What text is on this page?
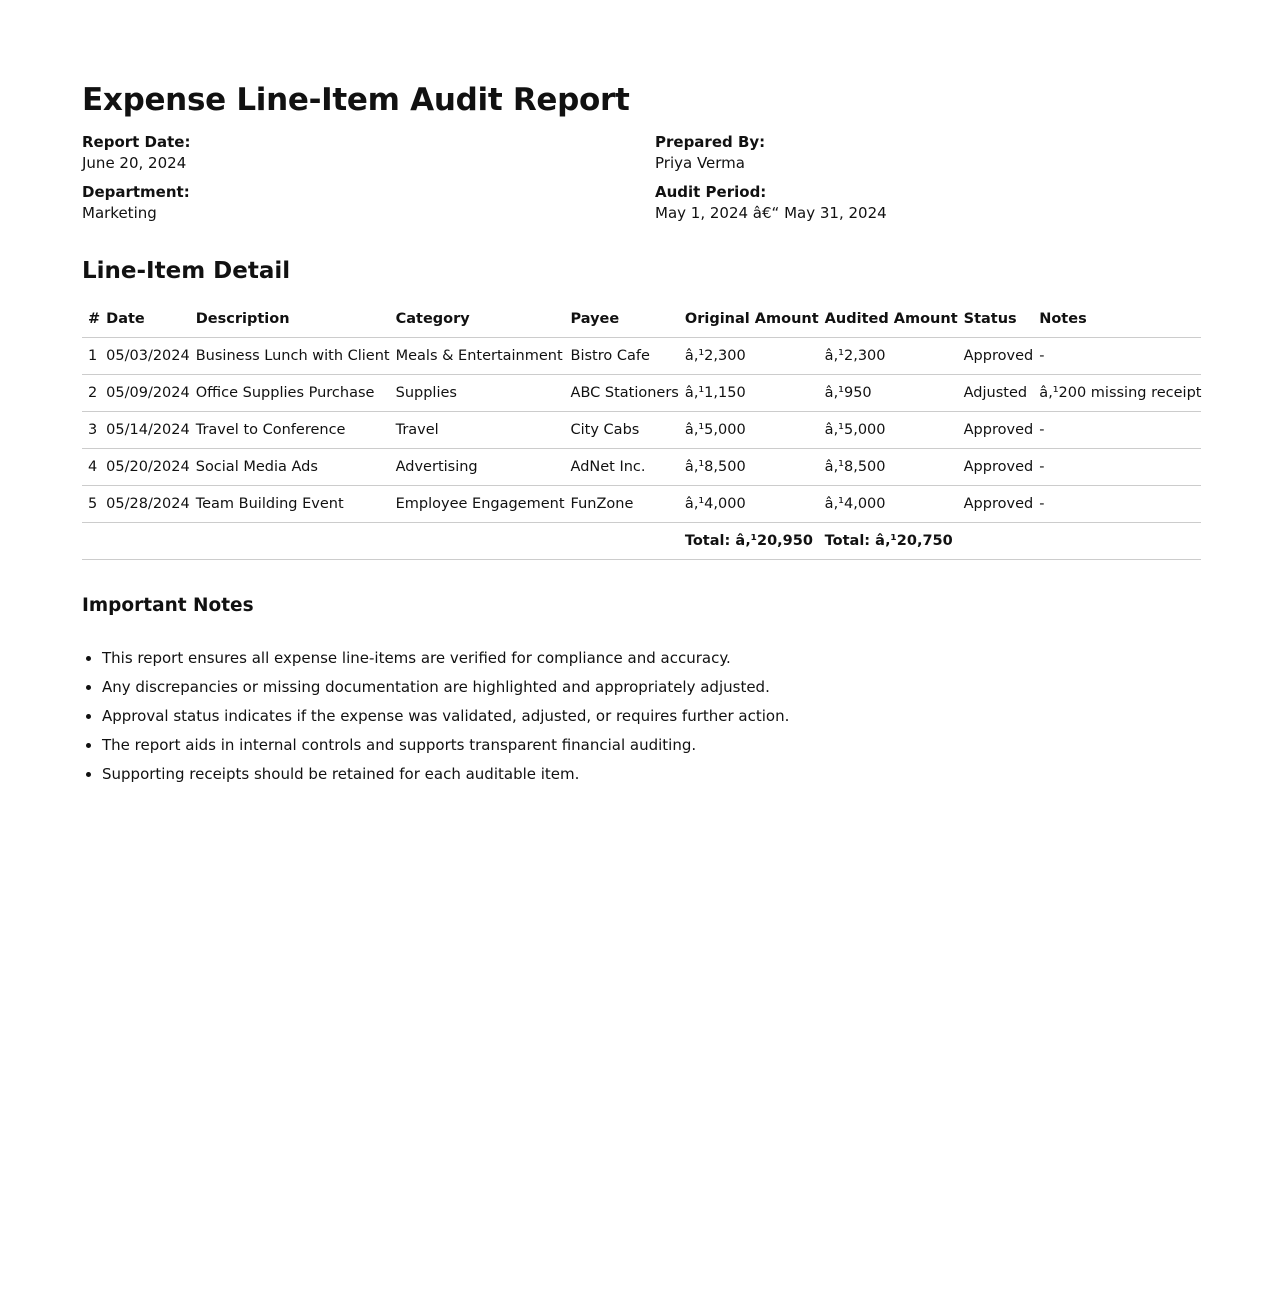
Expense Line-Item Audit Report
Report Date:
June 20, 2024
Prepared By:
Priya Verma
Department:
Marketing
Audit Period:
May 1, 2024 â€“ May 31, 2024
Line-Item Detail
#	Date	Description	Category	Payee	Original Amount	Audited Amount	Status	Notes
1	05/03/2024	Business Lunch with Client	Meals & Entertainment	Bistro Cafe	â‚¹2,300	â‚¹2,300	Approved	-
2	05/09/2024	Office Supplies Purchase	Supplies	ABC Stationers	â‚¹1,150	â‚¹950	Adjusted	â‚¹200 missing receipt
3	05/14/2024	Travel to Conference	Travel	City Cabs	â‚¹5,000	â‚¹5,000	Approved	-
4	05/20/2024	Social Media Ads	Advertising	AdNet Inc.	â‚¹8,500	â‚¹8,500	Approved	-
5	05/28/2024	Team Building Event	Employee Engagement	FunZone	â‚¹4,000	â‚¹4,000	Approved	-
					Total: â‚¹20,950	Total: â‚¹20,750		
Important Notes
• This report ensures all expense line-items are verified for compliance and accuracy.
• Any discrepancies or missing documentation are highlighted and appropriately adjusted.
• Approval status indicates if the expense was validated, adjusted, or requires further action.
• The report aids in internal controls and supports transparent financial auditing.
• Supporting receipts should be retained for each auditable item.
